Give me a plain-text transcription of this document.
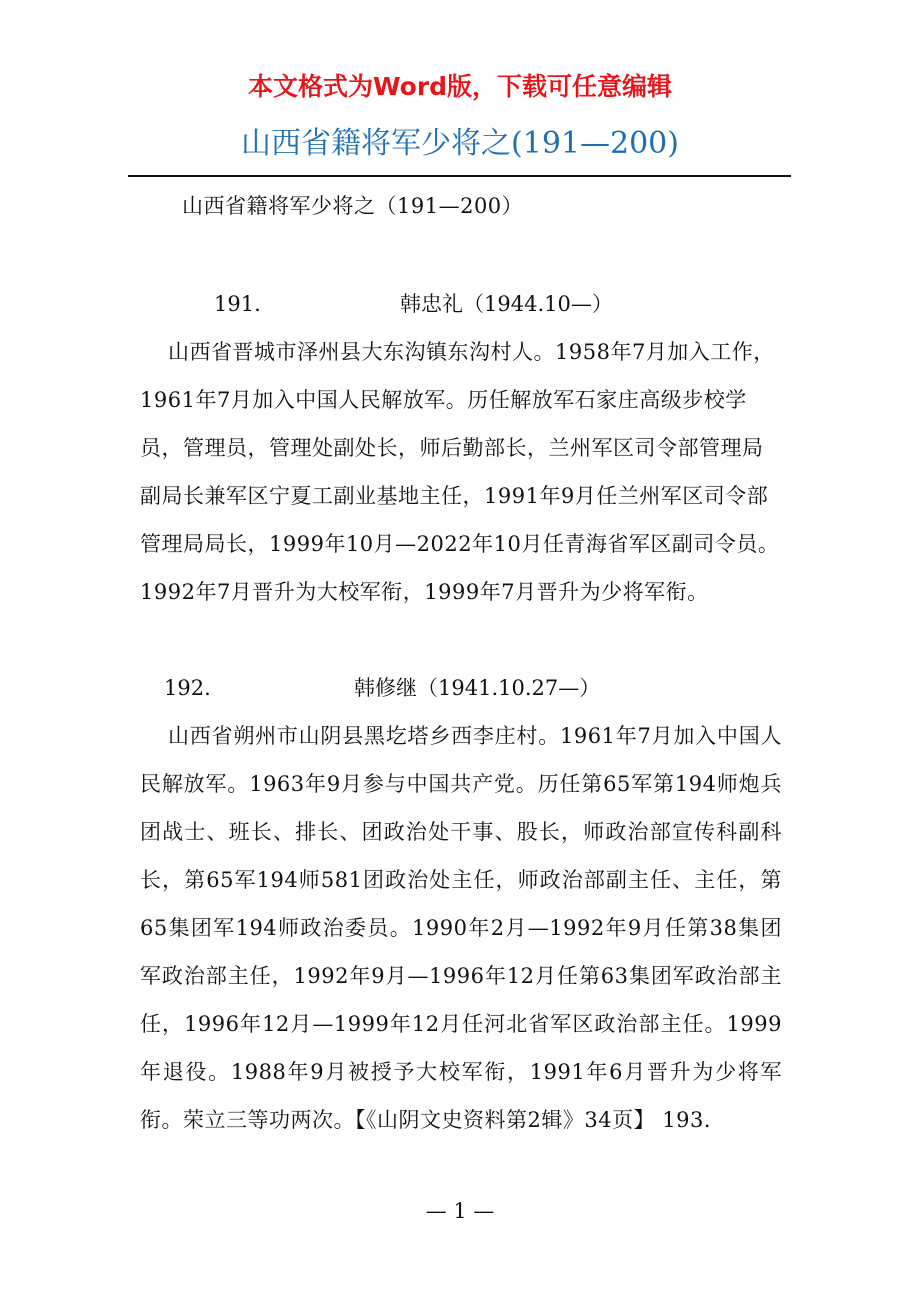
本文格式为Word版，下载可任意编辑
山西省籍将军少将之(191—200)

山西省籍将军少将之（191—200）

191.	韩忠礼（1944.10—）

山西省晋城市泽州县大东沟镇东沟村人。1958年7月加入工作，1961年7月加入中国人民解放军。历任解放军石家庄高级步校学员，管理员，管理处副处长，师后勤部长，兰州军区司令部管理局副局长兼军区宁夏工副业基地主任，1991年9月任兰州军区司令部管理局局长，1999年10月—2022年10月任青海省军区副司令员。1992年7月晋升为大校军衔，1999年7月晋升为少将军衔。

192.	韩修继（1941.10.27—）

山西省朔州市山阴县黑圪塔乡西李庄村。1961年7月加入中国人民解放军。1963年9月参与中国共产党。历任第65军第194师炮兵团战士、班长、排长、团政治处干事、股长，师政治部宣传科副科长，第65军194师581团政治处主任，师政治部副主任、主任，第65集团军194师政治委员。1990年2月—1992年9月任第38集团军政治部主任，1992年9月—1996年12月任第63集团军政治部主任，1996年12月—1999年12月任河北省军区政治部主任。1999年退役。1988年9月被授予大校军衔，1991年6月晋升为少将军衔。荣立三等功两次。【《山阴文史资料第2辑》34页】 193.

— 1 —
